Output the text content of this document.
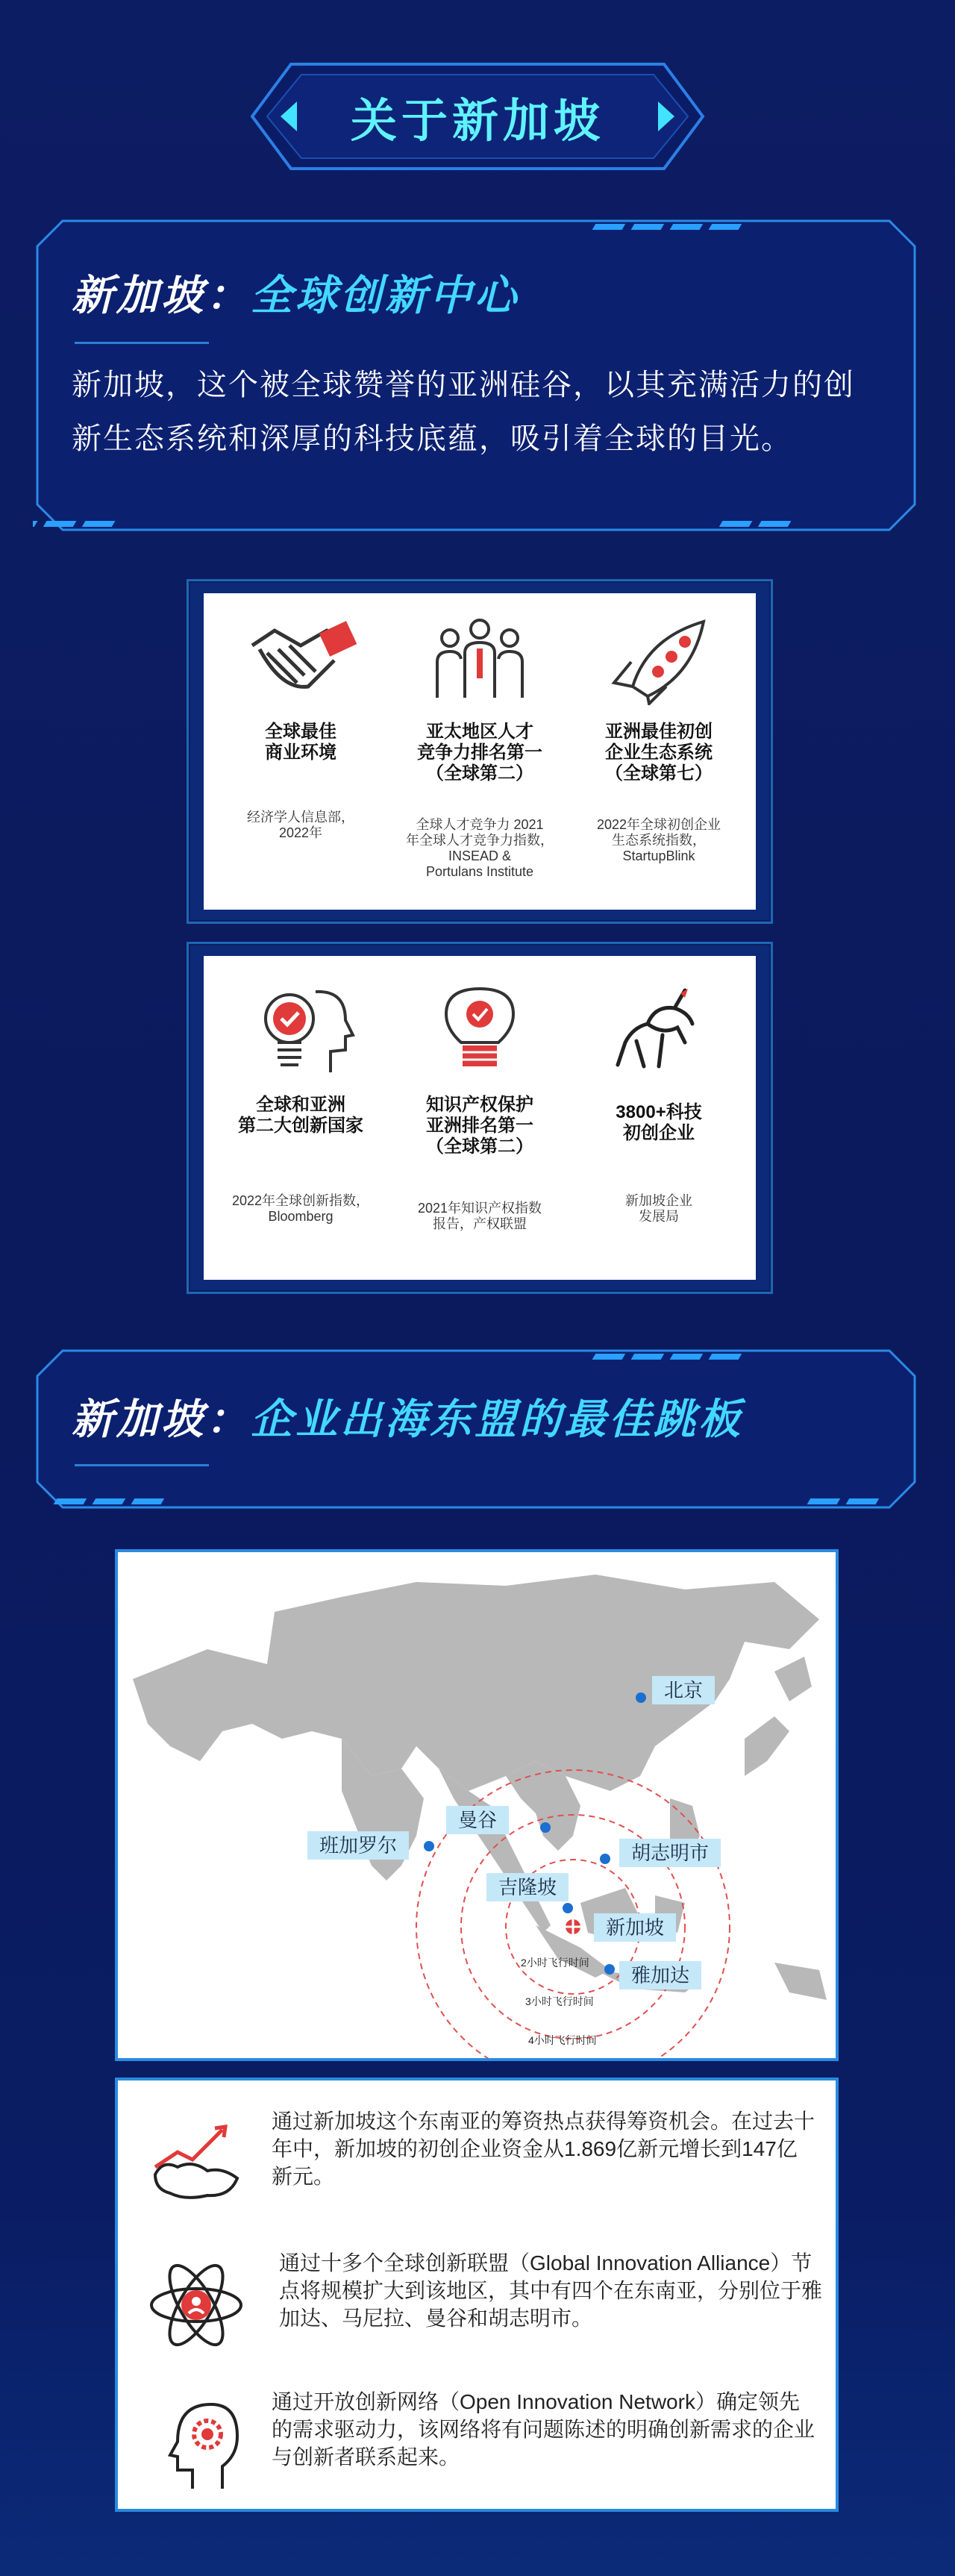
关于新加坡
新加坡：全球创新中心
新加坡，这个被全球赞誉的亚洲硅谷，以其充满活力的创新生态系统和深厚的科技底蕴，吸引着全球的目光。
全球最佳
商业环境
经济学人信息部，
2022年
亚太地区人才
竞争力排名第一
（全球第二）
全球人才竞争力 2021
年全球人才竞争力指数，
INSEAD &
Portulans Institute
亚洲最佳初创
企业生态系统
（全球第七）
2022年全球初创企业
生态系统指数，
StartupBlink
全球和亚洲
第二大创新国家
2022年全球创新指数，
Bloomberg
知识产权保护
亚洲排名第一
（全球第二）
2021年知识产权指数
报告，产权联盟
3800+科技
初创企业
新加坡企业
发展局
新加坡：企业出海东盟的最佳跳板
北京
班加罗尔
曼谷
胡志明市
吉隆坡
新加坡
雅加达
2小时飞行时间
3小时飞行时间
4小时飞行时间
通过新加坡这个东南亚的筹资热点获得筹资机会。在过去十年中，新加坡的初创企业资金从1.869亿新元增长到147亿新元。
通过十多个全球创新联盟（Global Innovation Alliance）节点将规模扩大到该地区，其中有四个在东南亚，分别位于雅加达、马尼拉、曼谷和胡志明市。
通过开放创新网络（Open Innovation Network）确定领先的需求驱动力，该网络将有问题陈述的明确创新需求的企业与创新者联系起来。
